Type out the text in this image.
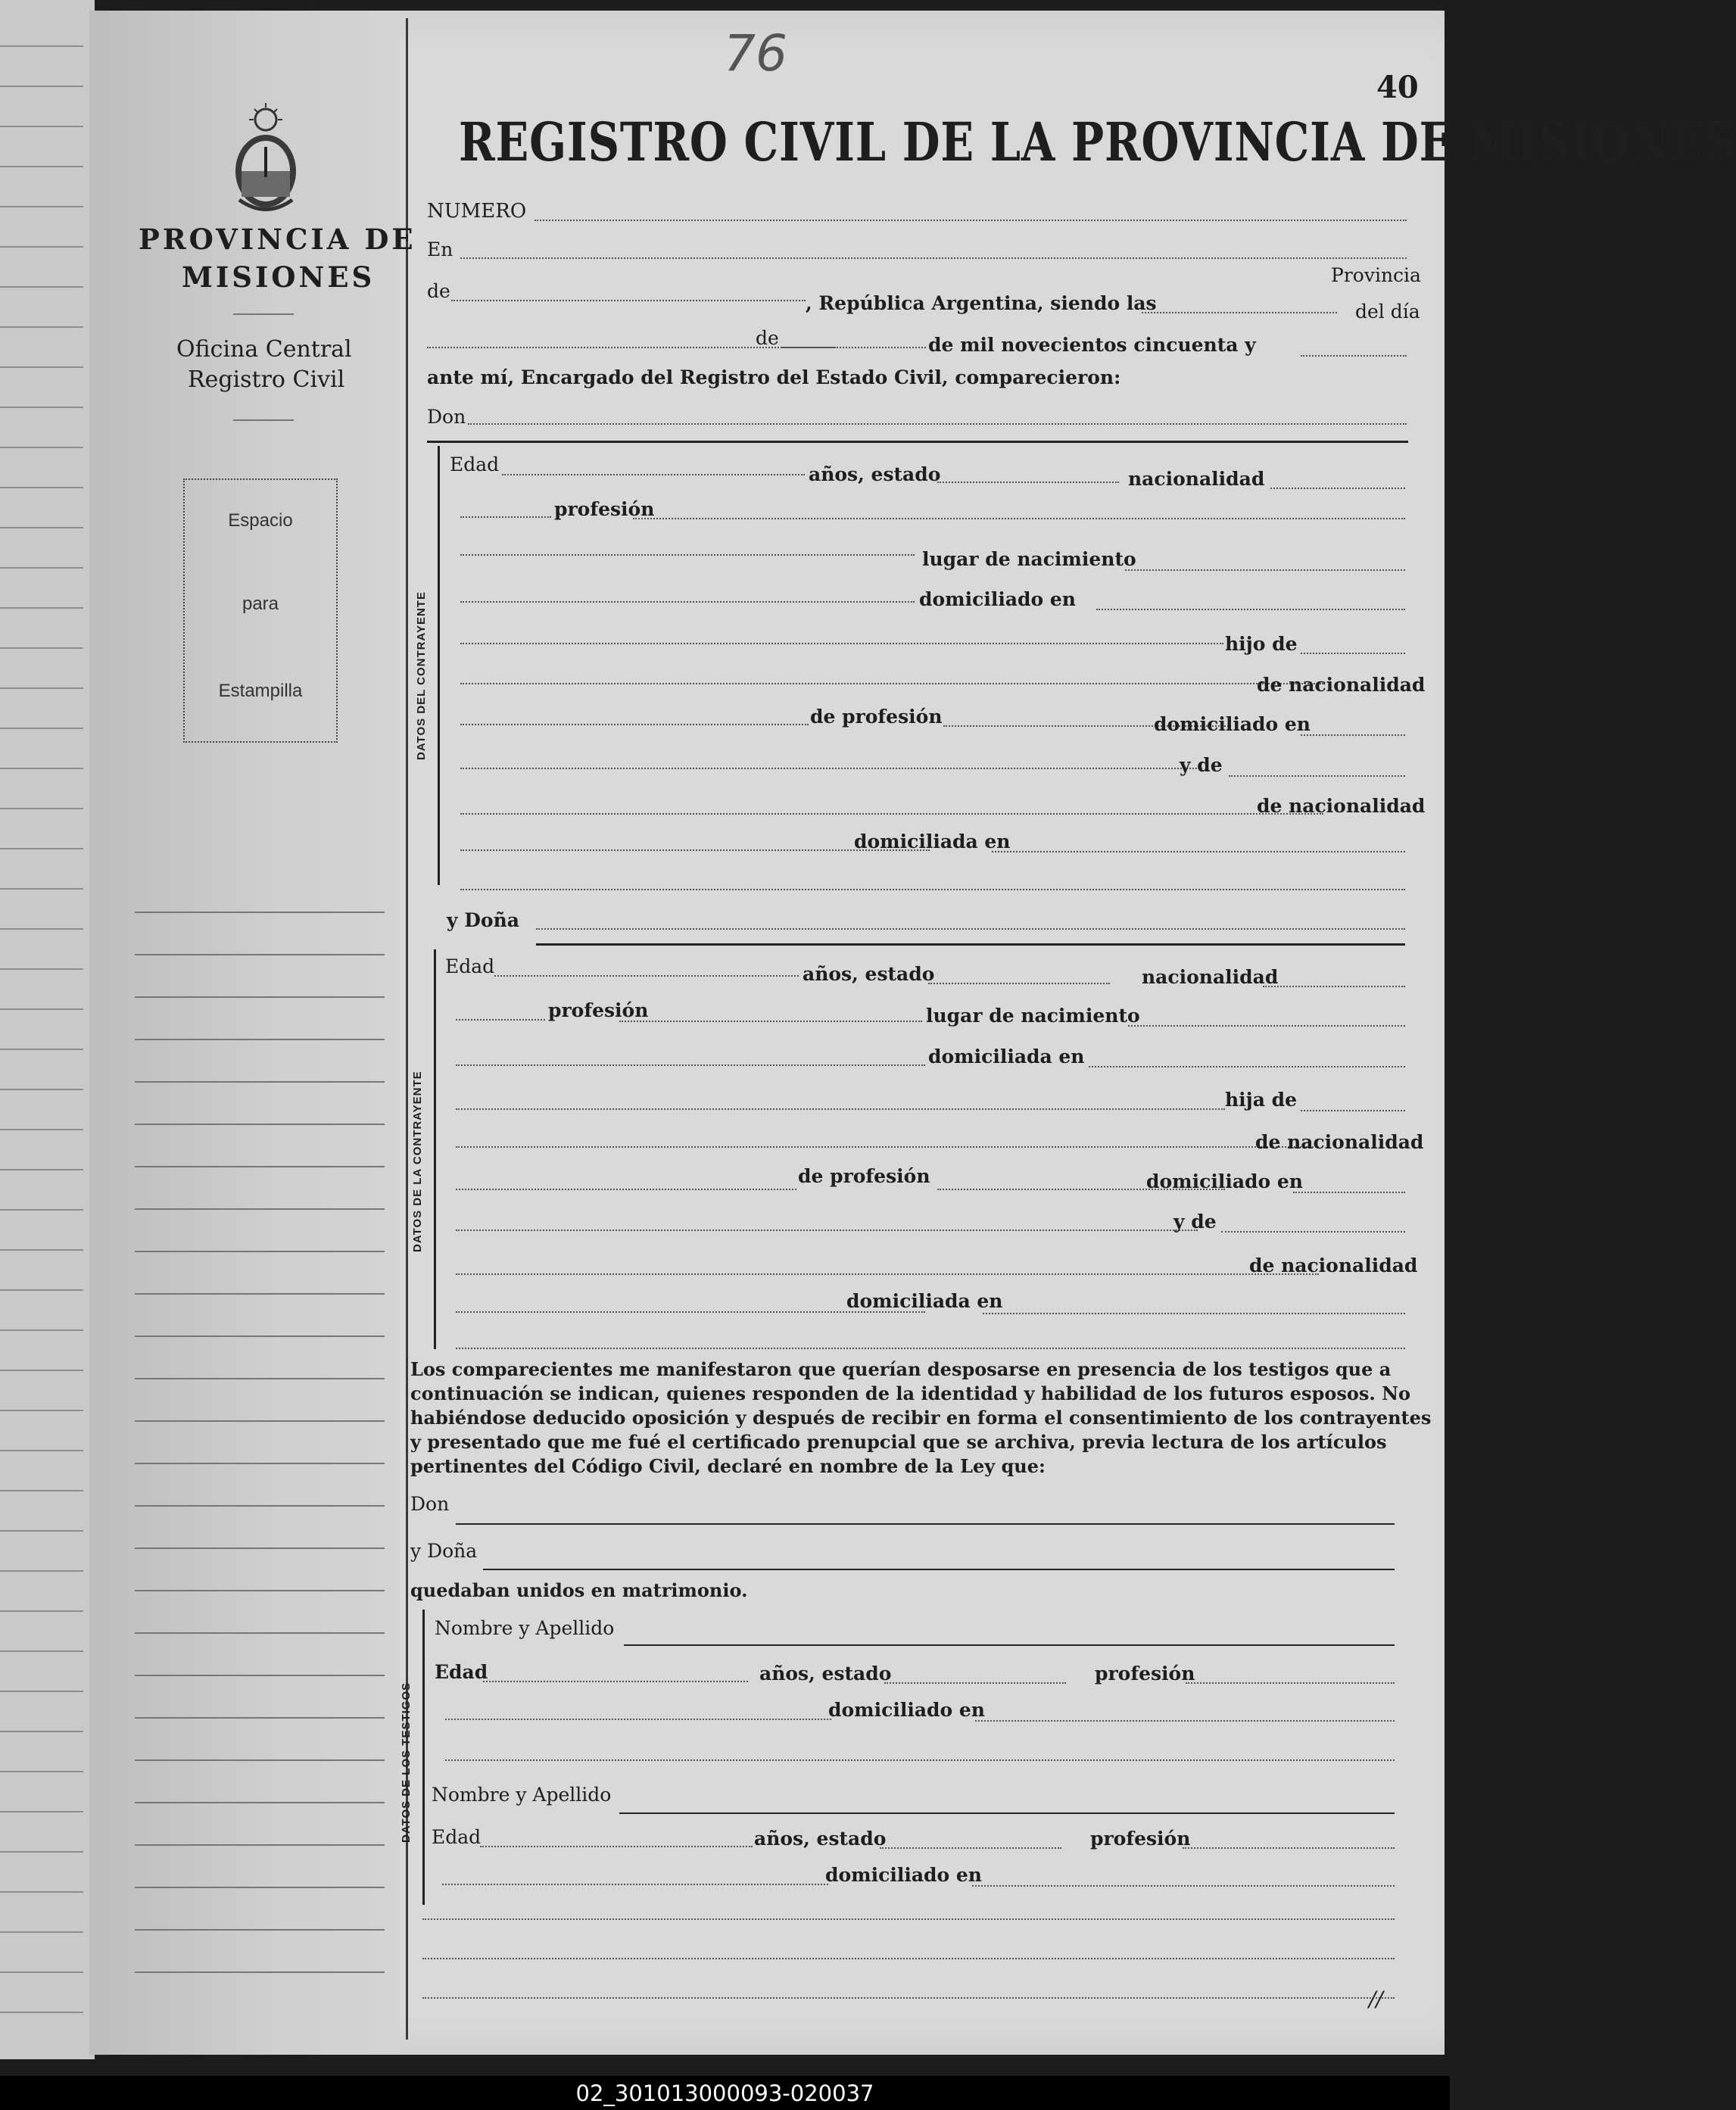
PROVINCIA DE
MISIONES
Oficina Central
Registro Civil
Espacio
para
Estampilla
76
40
REGISTRO CIVIL DE LA PROVINCIA DE MISIONES
NUMERO
En
Provincia
de
, República Argentina, siendo las	del día
de	de mil novecientos cincuenta y
ante mí, Encargado del Registro del Estado Civil, comparecieron:
Don
DATOS DEL CONTRAYENTE
Edad	años, estado	nacionalidad
profesión
lugar de nacimiento
domiciliado en
hijo de
de nacionalidad
de profesión	domiciliado en
y de
de nacionalidad
domiciliada en
y Doña
DATOS DE LA CONTRAYENTE
Edad	años, estado	nacionalidad
profesión	lugar de nacimiento
domiciliada en
hija de
de nacionalidad
de profesión	domiciliado en
y de
de nacionalidad
domiciliada en
Los comparecientes me manifestaron que querían desposarse en presencia de los testigos que a
continuación se indican, quienes responden de la identidad y habilidad de los futuros esposos. No
habiéndose deducido oposición y después de recibir en forma el consentimiento de los contrayentes
y presentado que me fué el certificado prenupcial que se archiva, previa lectura de los artículos
pertinentes del Código Civil, declaré en nombre de la Ley que:
Don
y Doña
quedaban unidos en matrimonio.
DATOS DE LOS TESTIGOS
Nombre y Apellido
Edad	años, estado	profesión
domiciliado en
Nombre y Apellido
Edad	años, estado	profesión
domiciliado en
//
02_301013000093-020037
